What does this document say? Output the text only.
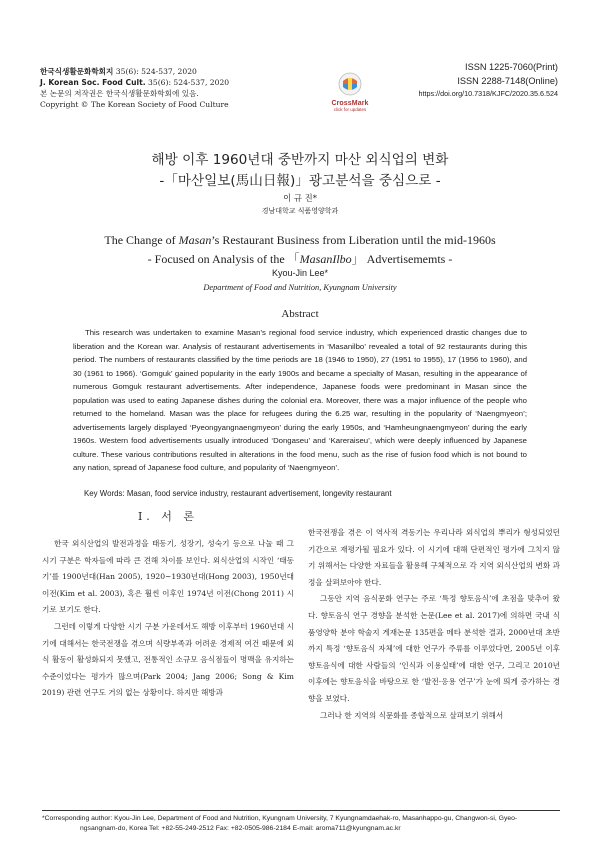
한국식생활문화학회지 35(6): 524-537, 2020
J. Korean Soc. Food Cult. 35(6): 524-537, 2020
본 논문의 저작권은 한국식생활문화학회에 있음.
Copyright © The Korean Society of Food Culture	CrossMark
click for updates
ISSN 1225-7060(Print)
ISSN 2288-7148(Online)
https://doi.org/10.7318/KJFC/2020.35.6.524
해방 이후 1960년대 중반까지 마산 외식업의 변화
-「마산일보(馬山日報)」광고분석을 중심으로 -
이 규 진*
경남대학교 식품영양학과
The Change of Masan’s Restaurant Business from Liberation until the mid-1960s
- Focused on Analysis of the 「MasanIlbo」 Advertisememts -
Kyou-Jin Lee*
Department of Food and Nutrition, Kyungnam University
Abstract

This research was undertaken to examine Masan’s regional food service industry, which experienced drastic changes due to liberation and the Korean war. Analysis of restaurant advertisements in ‘Masanilbo’ revealed a total of 92 restaurants during this period. The numbers of restaurants classified by the time periods are 18 (1946 to 1950), 27 (1951 to 1955), 17 (1956 to 1960), and 30 (1961 to 1966). ‘Gomguk’ gained popularity in the early 1900s and became a specialty of Masan, resulting in the appearance of numerous Gomguk restaurant advertisements. After independence, Japanese foods were predominant in Masan since the population was used to eating Japanese dishes during the colonial era. Moreover, there was a major influence of the people who returned to the homeland. Masan was the place for refugees during the 6.25 war, resulting in the popularity of ‘Naengmyeon’; advertisements largely displayed ‘Pyeongyangnaengmyeon’ during the early 1950s, and ‘Hamheungnaengmyeon’ during the early 1960s. Western food advertisements usually introduced ‘Dongaseu’ and ‘Kareraiseu’, which were deeply influenced by Japanese culture. These various contributions resulted in alterations in the food menu, such as the rise of fusion food which is not bound to any nation, spread of Japanese food culture, and popularity of ‘Naengmyeon’.

Key Words: Masan, food service industry, restaurant advertisement, longevity restaurant
Ⅰ. 서 론

한국 외식산업의 발전과정을 태동기, 성장기, 성숙기 등으로 나눌 때 그 시기 구분은 학자들에 따라 큰 견해 차이를 보인다. 외식산업의 시작인 ‘태동기’를 1900년대(Han 2005), 1920~1930년대(Hong 2003), 1950년대 이전(Kim et al. 2003), 혹은 훨씬 이후인 1974년 이전(Chong 2011) 시기로 보기도 한다.

그런데 이렇게 다양한 시기 구분 가운데서도 해방 이후부터 1960년대 시기에 대해서는 한국전쟁을 겪으며 식량부족과 어려운 경제적 여건 때문에 외식 활동이 활성화되지 못했고, 전통적인 소규모 음식점들이 명맥을 유지하는 수준이었다는 평가가 많으며(Park 2004; Jang 2006; Song & Kim 2019) 관련 연구도 거의 없는 상황이다. 하지만 해방과

한국전쟁을 겪은 이 역사적 격동기는 우리나라 외식업의 뿌리가 형성되었던 기간으로 재평가될 필요가 있다. 이 시기에 대해 단편적인 평가에 그치지 않기 위해서는 다양한 자료들을 활용해 구체적으로 각 지역 외식산업의 변화 과정을 살펴보아야 한다.

그동안 지역 음식문화 연구는 주로 ‘특정 향토음식’에 초점을 맞추어 왔다. 향토음식 연구 경향을 분석한 논문(Lee et al. 2017)에 의하면 국내 식품영양학 분야 학술지 게재논문 135편을 메타 분석한 결과, 2000년대 초반까지 특정 ‘향토음식 자체’에 대한 연구가 주류를 이루었다면, 2005년 이후 향토음식에 대한 사람들의 ‘인식과 이용실태’에 대한 연구, 그리고 2010년 이후에는 향토음식을 바탕으로 한 ‘발전·응용 연구’가 눈에 띄게 증가하는 경향을 보였다.

그러나 한 지역의 식문화를 종합적으로 살펴보기 위해서

*Corresponding author: Kyou-Jin Lee, Department of Food and Nutrition, Kyungnam University, 7 Kyungnamdaehak-ro, Masanhappo-gu, Changwon-si, Gyeo-
ngsangnam-do, Korea Tel: +82-55-249-2512 Fax: +82-0505-986-2184 E-mail: aroma711@kyungnam.ac.kr
